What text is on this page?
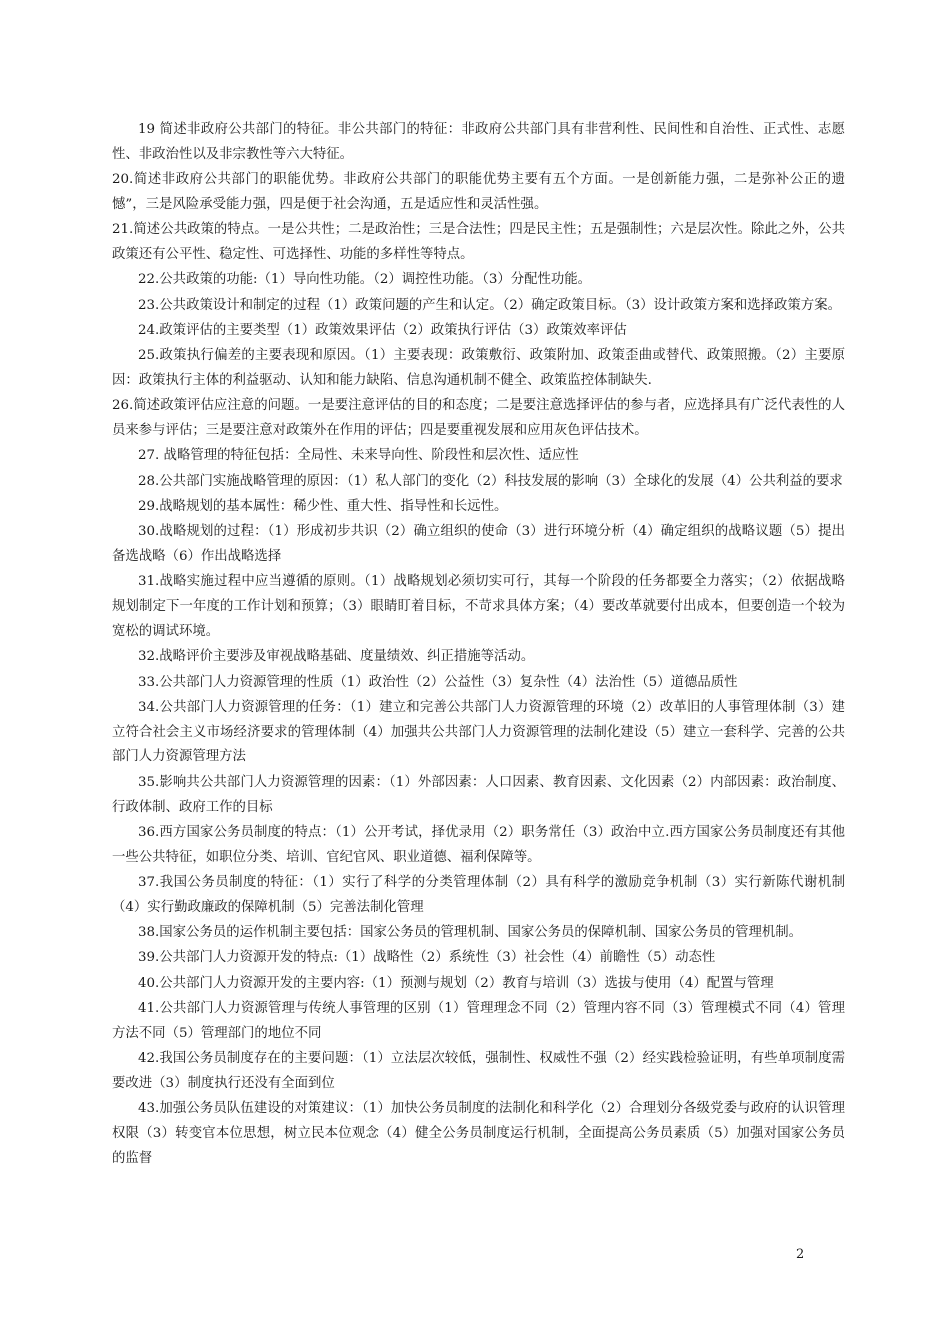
19 简述非政府公共部门的特征。非公共部门的特征：非政府公共部门具有非营利性、民间性和自治性、正式性、志愿性、非政治性以及非宗教性等六大特征。

20.简述非政府公共部门的职能优势。非政府公共部门的职能优势主要有五个方面。一是创新能力强，二是弥补公正的遗憾”，三是风险承受能力强，四是便于社会沟通，五是适应性和灵活性强。

21.简述公共政策的特点。一是公共性；二是政治性；三是合法性；四是民主性；五是强制性；六是层次性。除此之外，公共政策还有公平性、稳定性、可选择性、功能的多样性等特点。

22.公共政策的功能:（1）导向性功能。（2）调控性功能。（3）分配性功能。

23.公共政策设计和制定的过程（1）政策问题的产生和认定。（2）确定政策目标。（3）设计政策方案和选择政策方案。

24.政策评估的主要类型（1）政策效果评估（2）政策执行评估（3）政策效率评估

25.政策执行偏差的主要表现和原因。（1）主要表现：政策敷衍、政策附加、政策歪曲或替代、政策照搬。（2）主要原因：政策执行主体的利益驱动、认知和能力缺陷、信息沟通机制不健全、政策监控体制缺失.

26.简述政策评估应注意的问题。一是要注意评估的目的和态度；二是要注意选择评估的参与者，应选择具有广泛代表性的人员来参与评估；三是要注意对政策外在作用的评估；四是要重视发展和应用灰色评估技术。

27. 战略管理的特征包括：全局性、未来导向性、阶段性和层次性、适应性

28.公共部门实施战略管理的原因：（1）私人部门的变化（2）科技发展的影响（3）全球化的发展（4）公共利益的要求

29.战略规划的基本属性：稀少性、重大性、指导性和长远性。

30.战略规划的过程：（1）形成初步共识（2）确立组织的使命（3）进行环境分析（4）确定组织的战略议题（5）提出备选战略（6）作出战略选择

31.战略实施过程中应当遵循的原则。（1）战略规划必须切实可行，其每一个阶段的任务都要全力落实；（2）依据战略规划制定下一年度的工作计划和预算；（3）眼睛盯着目标，不苛求具体方案；（4）要改革就要付出成本，但要创造一个较为宽松的调试环境。

32.战略评价主要涉及审视战略基础、度量绩效、纠正措施等活动。

33.公共部门人力资源管理的性质（1）政治性（2）公益性（3）复杂性（4）法治性（5）道德品质性

34.公共部门人力资源管理的任务：（1）建立和完善公共部门人力资源管理的环境（2）改革旧的人事管理体制（3）建立符合社会主义市场经济要求的管理体制（4）加强共公共部门人力资源管理的法制化建设（5）建立一套科学、完善的公共部门人力资源管理方法

35.影响共公共部门人力资源管理的因素：（1）外部因素：人口因素、教育因素、文化因素（2）内部因素：政治制度、行政体制、政府工作的目标

36.西方国家公务员制度的特点：（1）公开考试，择优录用（2）职务常任（3）政治中立.西方国家公务员制度还有其他一些公共特征，如职位分类、培训、官纪官风、职业道德、福利保障等。

37.我国公务员制度的特征：（1）实行了科学的分类管理体制（2）具有科学的激励竞争机制（3）实行新陈代谢机制（4）实行勤政廉政的保障机制（5）完善法制化管理

38.国家公务员的运作机制主要包括：国家公务员的管理机制、国家公务员的保障机制、国家公务员的管理机制。

39.公共部门人力资源开发的特点:（1）战略性（2）系统性（3）社会性（4）前瞻性（5）动态性

40.公共部门人力资源开发的主要内容:（1）预测与规划（2）教育与培训（3）选拔与使用（4）配置与管理

41.公共部门人力资源管理与传统人事管理的区别（1）管理理念不同（2）管理内容不同（3）管理模式不同（4）管理方法不同（5）管理部门的地位不同

42.我国公务员制度存在的主要问题：（1）立法层次较低，强制性、权威性不强（2）经实践检验证明，有些单项制度需要改进（3）制度执行还没有全面到位

43.加强公务员队伍建设的对策建议：（1）加快公务员制度的法制化和科学化（2）合理划分各级党委与政府的认识管理权限（3）转变官本位思想，树立民本位观念（4）健全公务员制度运行机制，全面提高公务员素质（5）加强对国家公务员的监督

2
